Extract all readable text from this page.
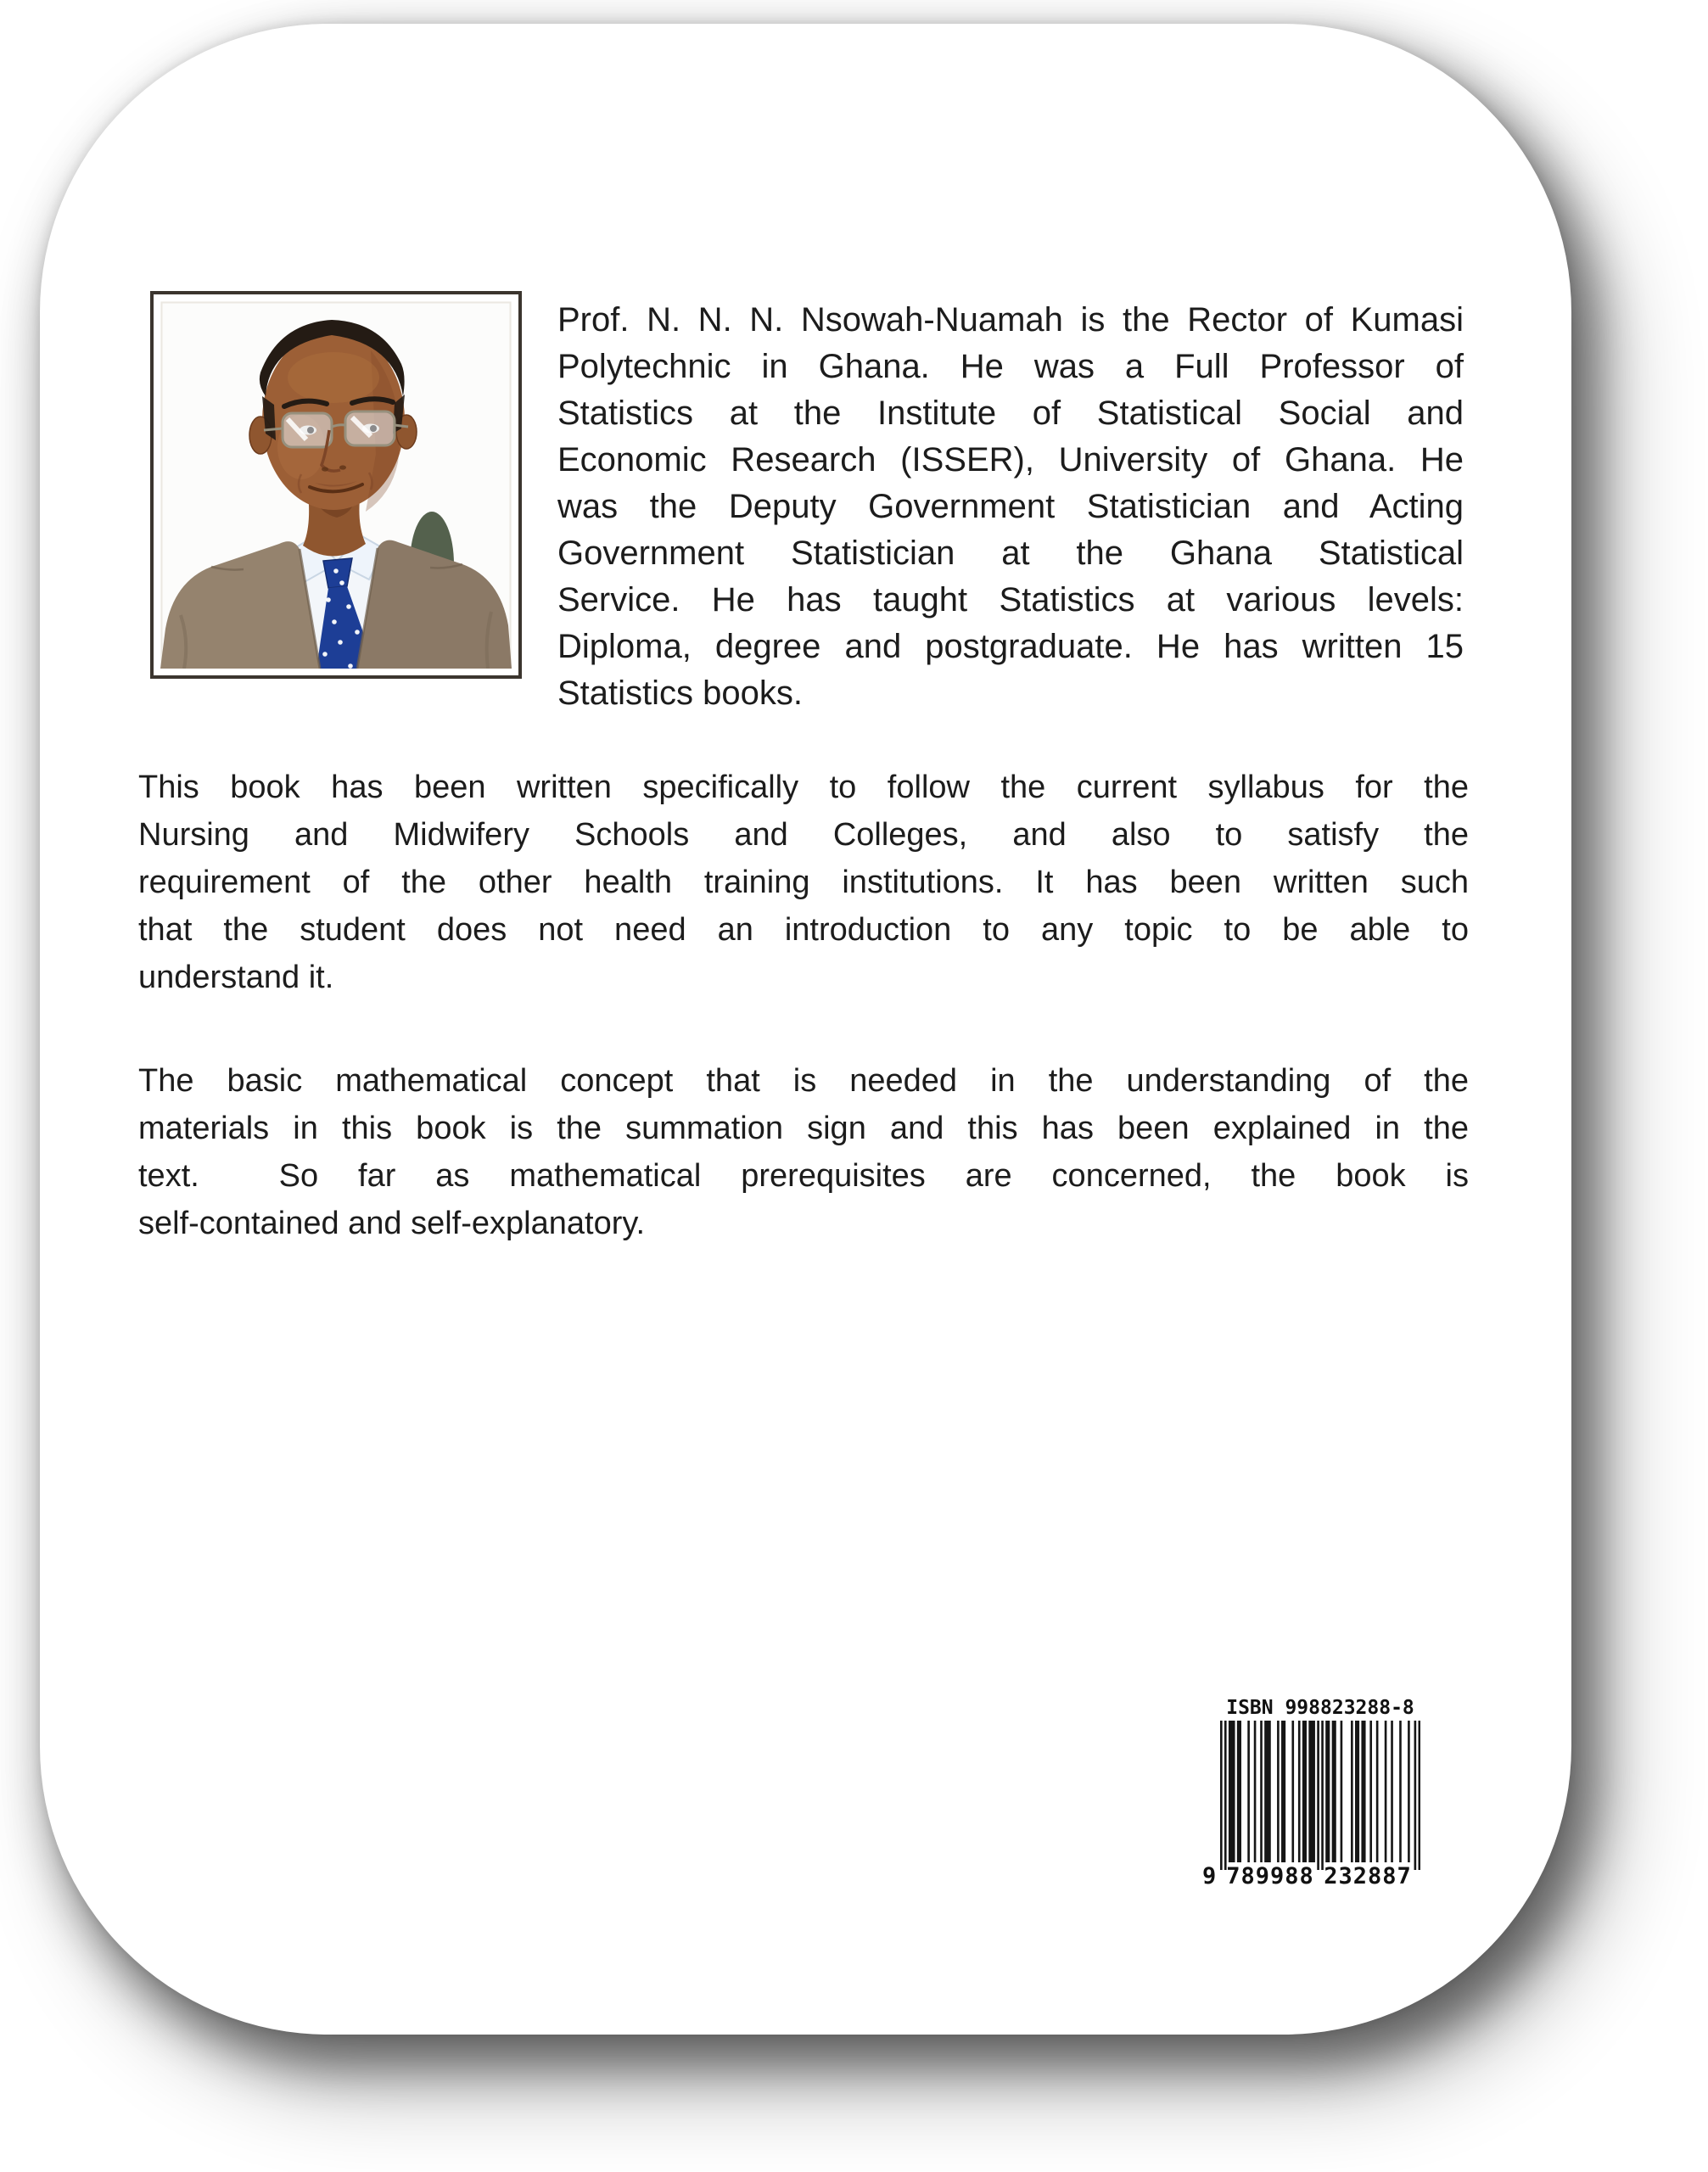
Prof. N. N. N. Nsowah-Nuamah is the Rector of Kumasi
Polytechnic in Ghana. He was a Full Professor of
Statistics at the Institute of Statistical Social and
Economic Research (ISSER), University of Ghana. He
was the Deputy Government Statistician and Acting
Government Statistician at the Ghana Statistical
Service. He has taught Statistics at various levels:
Diploma, degree and postgraduate. He has written 15
Statistics books.
This book has been written specifically to follow the current syllabus for the
Nursing and Midwifery Schools and Colleges, and also to satisfy the
requirement of the other health training institutions. It has been written such
that the student does not need an introduction to any topic to be able to
understand it.
The basic mathematical concept that is needed in the understanding of the
materials in this book is the summation sign and this has been explained in the
text.  So far as mathematical prerequisites are concerned, the book is
self-contained and self-explanatory.
ISBN 998823288-8
9 789988 232887
